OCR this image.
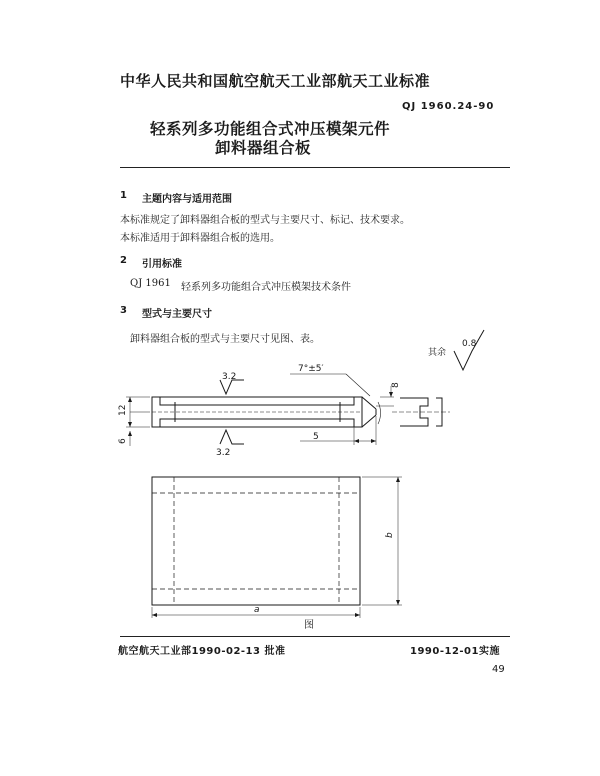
中华人民共和国航空航天工业部航天工业标准
QJ 1960.24-90
轻系列多功能组合式冲压模架元件
卸料器组合板
1 主题内容与适用范围
本标准规定了卸料器组合板的型式与主要尺寸、标记、技术要求。
本标准适用于卸料器组合板的选用。
2 引用标准
QJ 1961 轻系列多功能组合式冲压模架技术条件
3 型式与主要尺寸
卸料器组合板的型式与主要尺寸见图、表。
其余
0.8
3.2
3.2
7°±5′
8
12
6	5
b
a
图
航空航天工业部1990-02-13 批准	1990-12-01实施
49
